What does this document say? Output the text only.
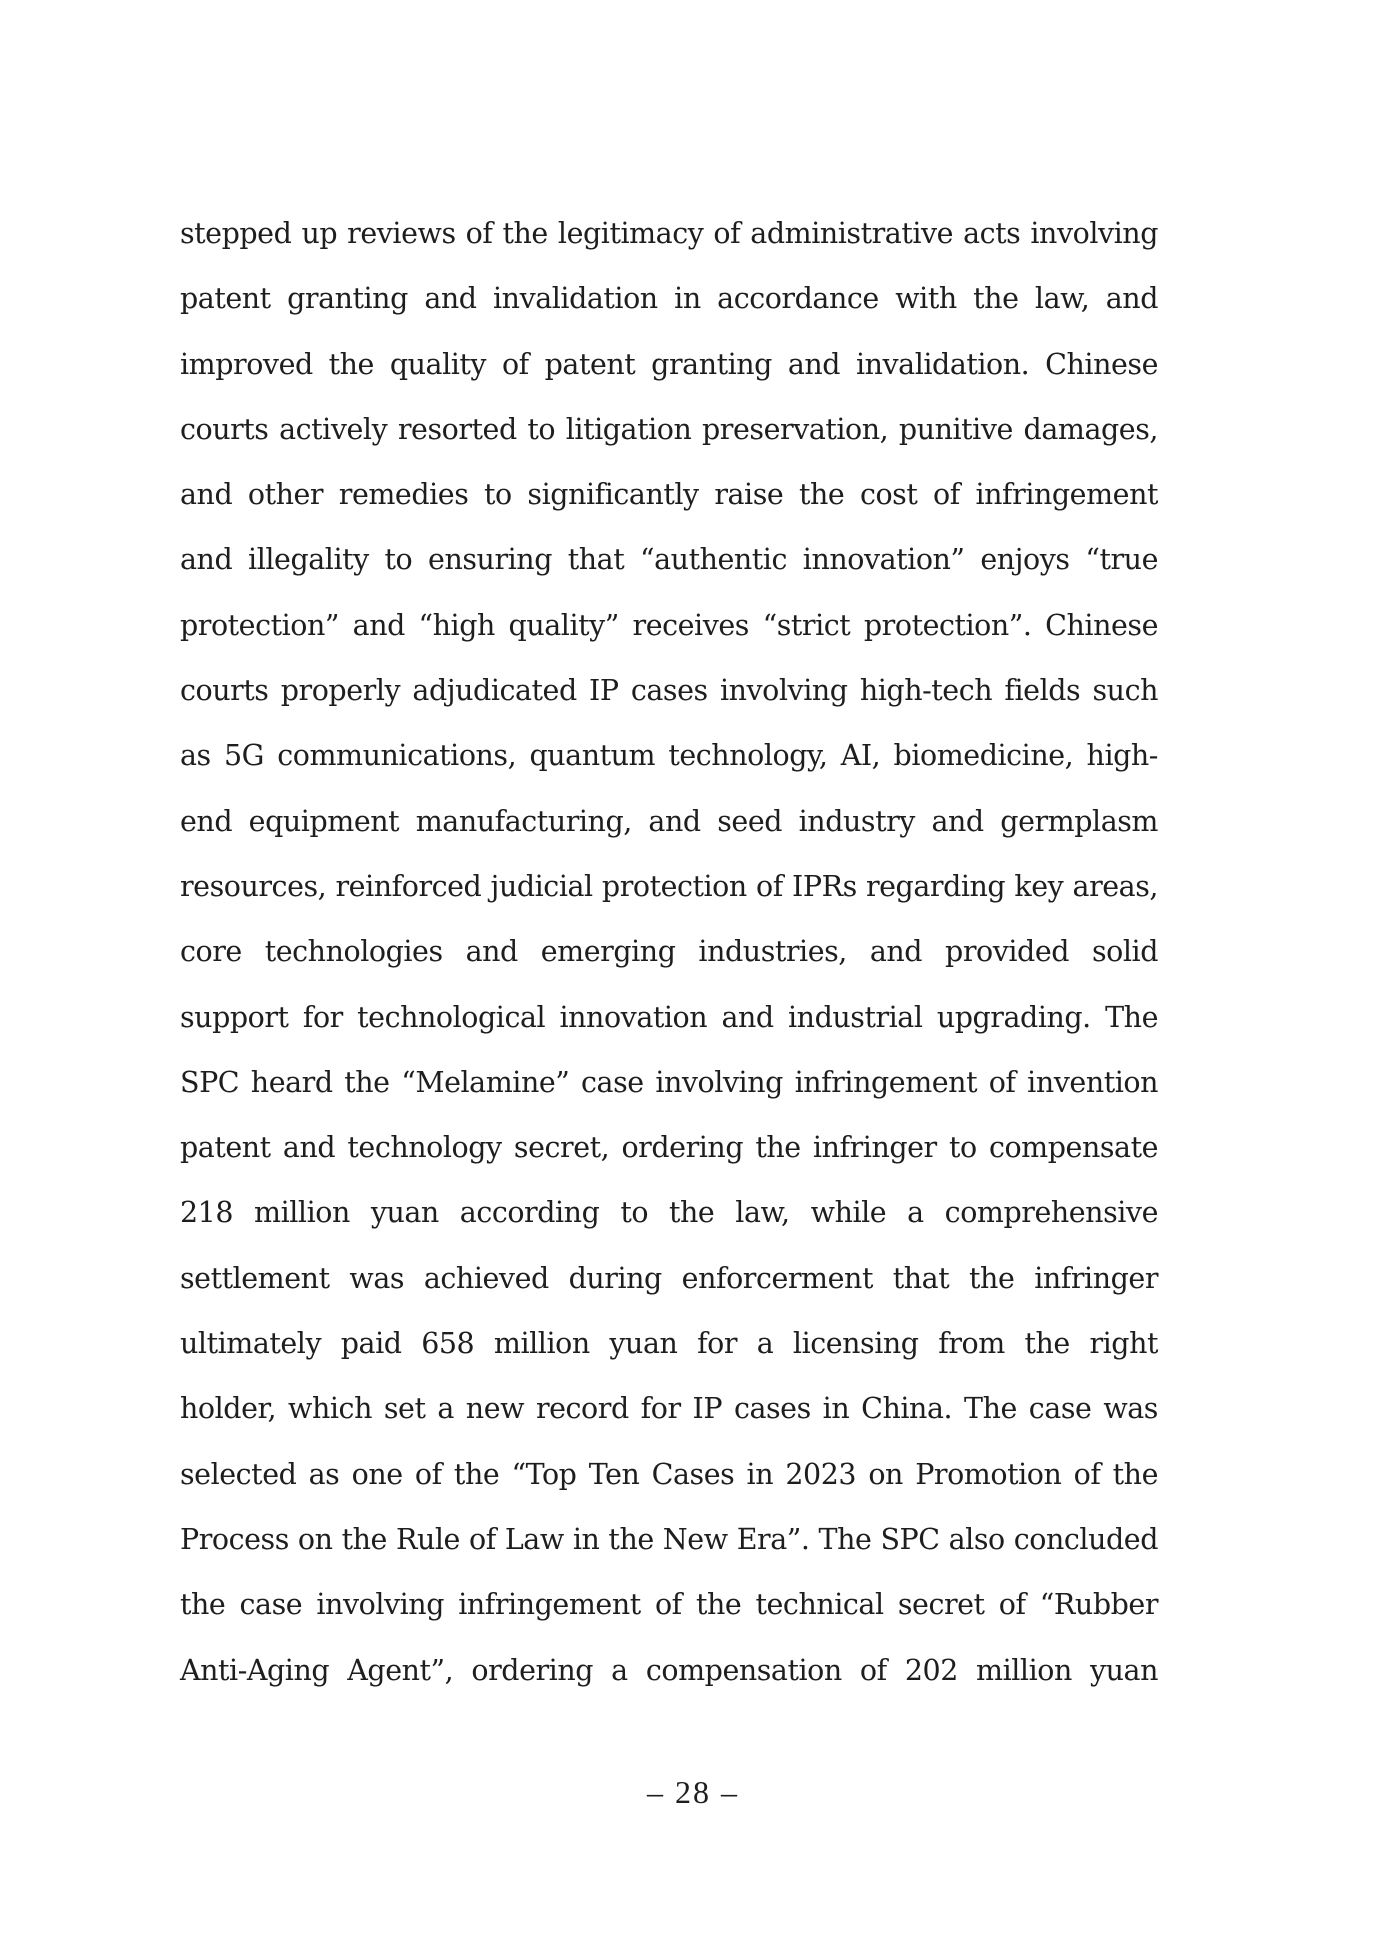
stepped up reviews of the legitimacy of administrative acts involving
patent granting and invalidation in accordance with the law, and
improved the quality of patent granting and invalidation. Chinese
courts actively resorted to litigation preservation, punitive damages,
and other remedies to significantly raise the cost of infringement
and illegality to ensuring that “authentic innovation” enjoys “true
protection” and “high quality” receives “strict protection”. Chinese
courts properly adjudicated IP cases involving high-tech fields such
as 5G communications, quantum technology, AI, biomedicine, high-
end equipment manufacturing, and seed industry and germplasm
resources, reinforced judicial protection of IPRs regarding key areas,
core technologies and emerging industries, and provided solid
support for technological innovation and industrial upgrading. The
SPC heard the “Melamine” case involving infringement of invention
patent and technology secret, ordering the infringer to compensate
218 million yuan according to the law, while a comprehensive
settlement was achieved during enforcerment that the infringer
ultimately paid 658 million yuan for a licensing from the right
holder, which set a new record for IP cases in China. The case was
selected as one of the “Top Ten Cases in 2023 on Promotion of the
Process on the Rule of Law in the New Era”. The SPC also concluded
the case involving infringement of the technical secret of “Rubber
Anti-Aging Agent”, ordering a compensation of 202 million yuan
– 28 –
